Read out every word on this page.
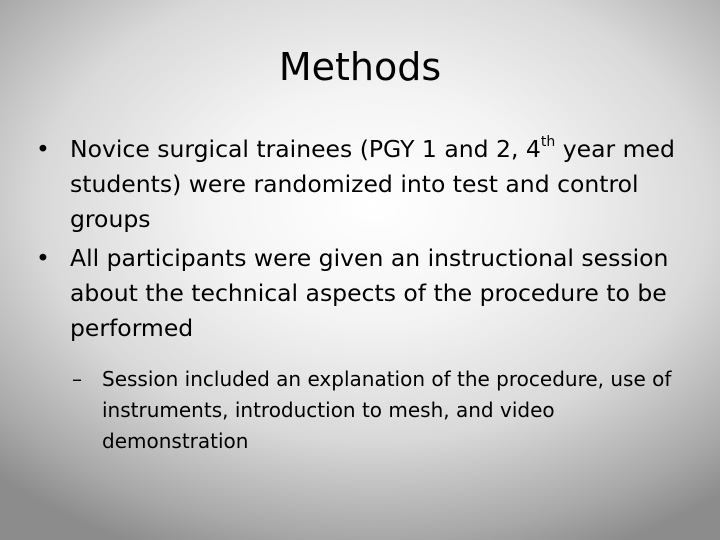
Methods

• Novice surgical trainees (PGY 1 and 2, 4th year med students) were randomized into test and control groups

• All participants were given an instructional session about the technical aspects of the procedure to be performed

– Session included an explanation of the procedure, use of instruments, introduction to mesh, and video demonstration
